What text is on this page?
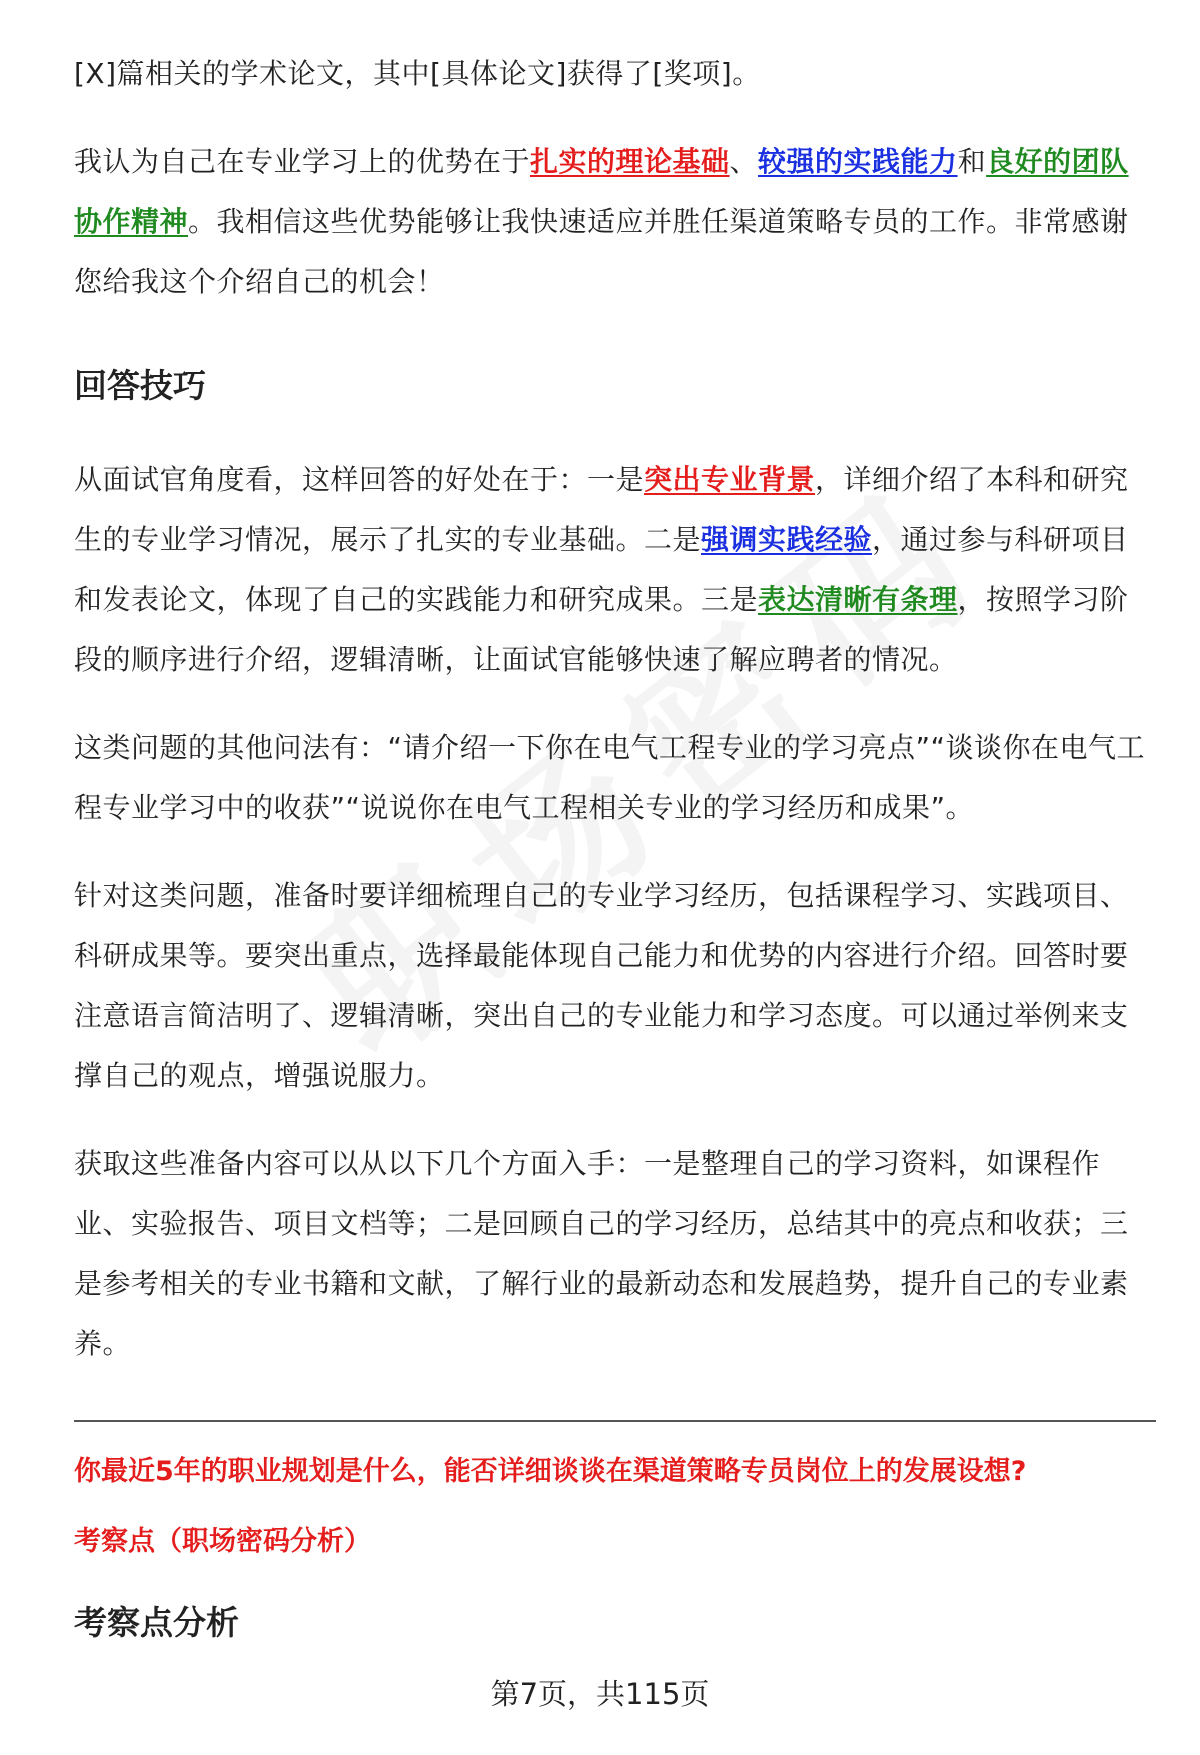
[X]篇相关的学术论文，其中[具体论文]获得了[奖项]。

我认为自己在专业学习上的优势在于扎实的理论基础、较强的实践能力和良好的团队协作精神。我相信这些优势能够让我快速适应并胜任渠道策略专员的工作。非常感谢您给我这个介绍自己的机会！

回答技巧

从面试官角度看，这样回答的好处在于：一是突出专业背景，详细介绍了本科和研究生的专业学习情况，展示了扎实的专业基础。二是强调实践经验，通过参与科研项目和发表论文，体现了自己的实践能力和研究成果。三是表达清晰有条理，按照学习阶段的顺序进行介绍，逻辑清晰，让面试官能够快速了解应聘者的情况。

这类问题的其他问法有：“请介绍一下你在电气工程专业的学习亮点”“谈谈你在电气工程专业学习中的收获”“说说你在电气工程相关专业的学习经历和成果”。

针对这类问题，准备时要详细梳理自己的专业学习经历，包括课程学习、实践项目、科研成果等。要突出重点，选择最能体现自己能力和优势的内容进行介绍。回答时要注意语言简洁明了、逻辑清晰，突出自己的专业能力和学习态度。可以通过举例来支撑自己的观点，增强说服力。

获取这些准备内容可以从以下几个方面入手：一是整理自己的学习资料，如课程作业、实验报告、项目文档等；二是回顾自己的学习经历，总结其中的亮点和收获；三是参考相关的专业书籍和文献，了解行业的最新动态和发展趋势，提升自己的专业素养。

你最近5年的职业规划是什么，能否详细谈谈在渠道策略专员岗位上的发展设想?
考察点（职场密码分析）
考察点分析
第7页，共115页
